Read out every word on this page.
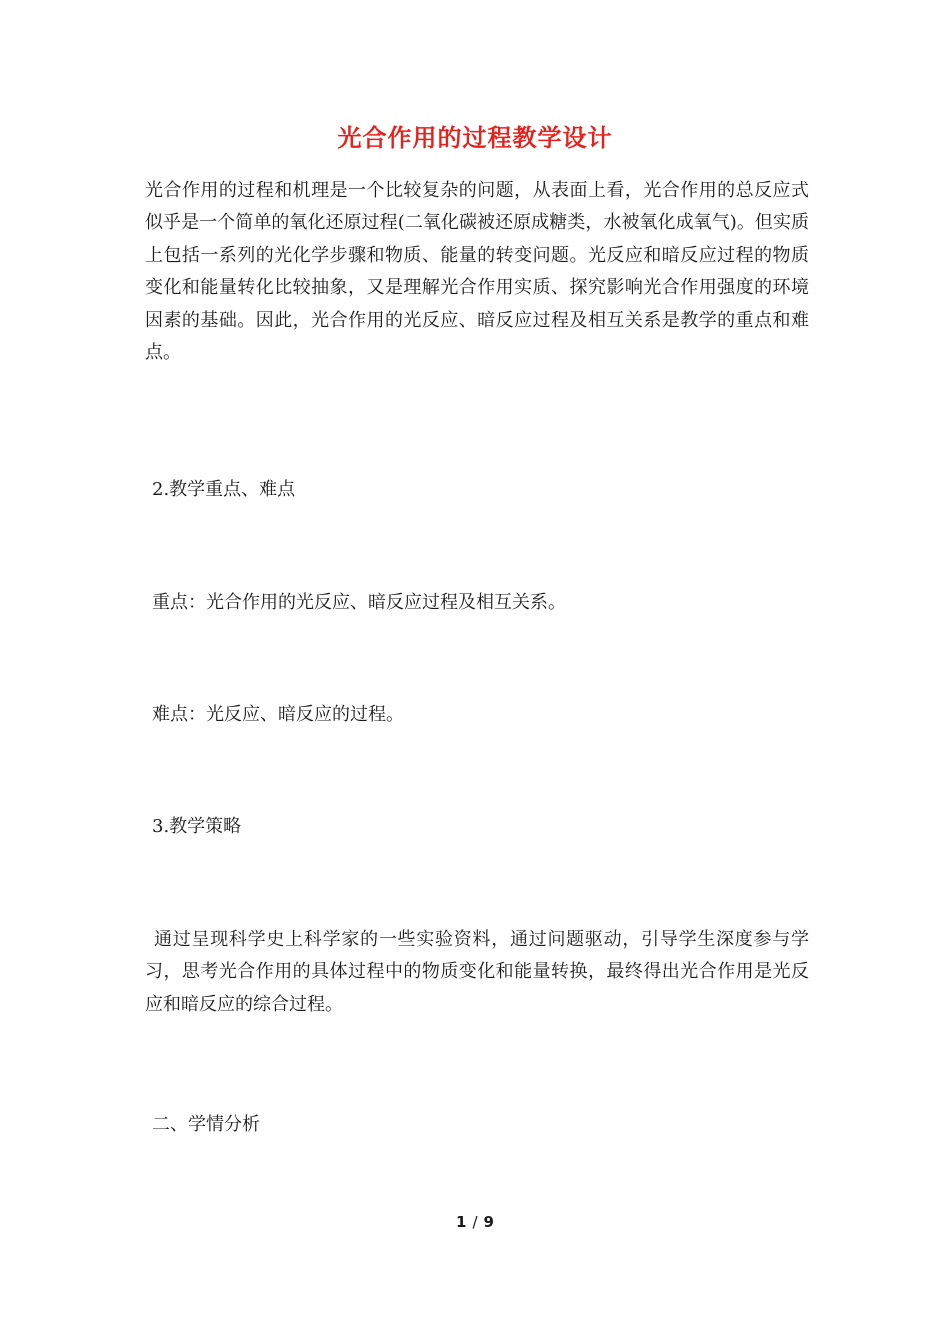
光合作用的过程教学设计

光合作用的过程和机理是一个比较复杂的问题，从表面上看，光合作用的总反应式似乎是一个简单的氧化还原过程(二氧化碳被还原成糖类，水被氧化成氧气)。但实质上包括一系列的光化学步骤和物质、能量的转变问题。光反应和暗反应过程的物质变化和能量转化比较抽象，又是理解光合作用实质、探究影响光合作用强度的环境因素的基础。因此，光合作用的光反应、暗反应过程及相互关系是教学的重点和难点。

2.教学重点、难点

重点：光合作用的光反应、暗反应过程及相互关系。

难点：光反应、暗反应的过程。

3.教学策略

通过呈现科学史上科学家的一些实验资料，通过问题驱动，引导学生深度参与学习，思考光合作用的具体过程中的物质变化和能量转换，最终得出光合作用是光反应和暗反应的综合过程。

二、学情分析

1 / 9
